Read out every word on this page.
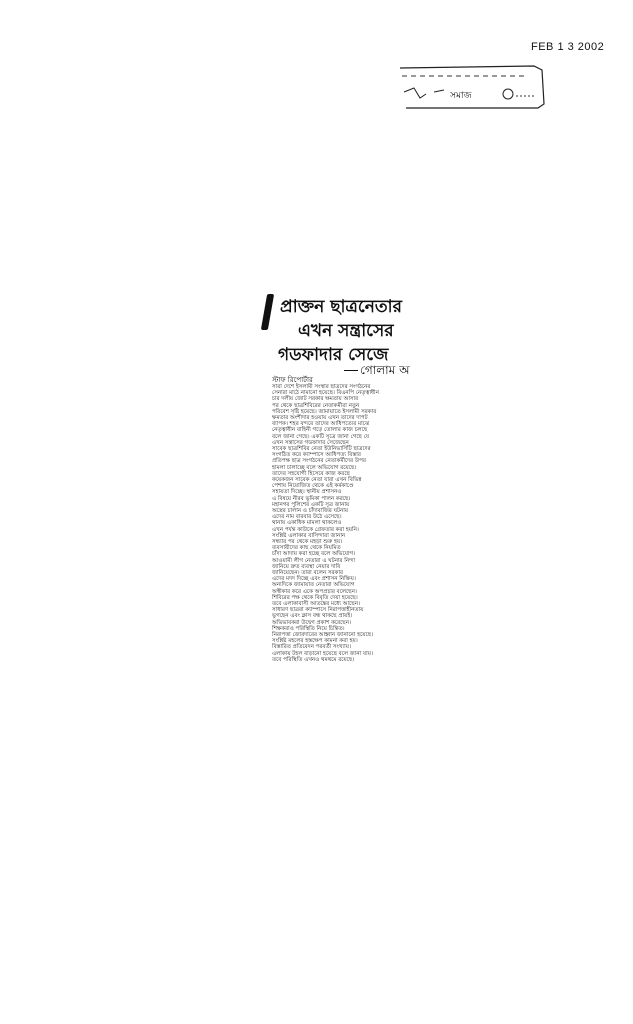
FEB 1 3 2002
সমাজ
প্রাক্তন ছাত্রনেতার
এখন সন্ত্রাসের
গডফাদার সেজে
গোলাম অ
স্টাফ রিপোর্টার
সারা দেশে ইসলামী সংস্থার ছাত্রদের সংগঠনের
সেনারা মাঠে নামানো হয়েছে। বিএনপি নেতৃত্বাধীন
চার দলীয় জোট সরকার ক্ষমতায় আসার
পর থেকে ছাত্রশিবিরের নেতাকর্মীরা নতুন
পরিবেশ সৃষ্টি হয়েছে। জামায়াতে ইসলামী সরকার
ক্ষমতার অংশীদার হওয়ায় এখন তাদের দাপট
ব্যাপক। শহর বন্দরে তাদের আধিপত্যের মাঝে
নেতৃত্বাধীন বাহিনী গড়ে তোলার কাজ চলছে
বলে জানা গেছে। একটি সূত্রে জানা গেছে যে
এখন সন্ত্রাসের গডফাদার সেজেছেন
সাবেক ছাত্রশিবির নেতা ইউনিভার্সিটি ছাত্রদের
সংগঠিত করে ক্যাম্পাসে আধিপত্য বিস্তার
প্রতিপক্ষ ছাত্র সংগঠনের নেতাকর্মীদের উপর
হামলা চালাচ্ছে বলে অভিযোগ রয়েছে।
তাদের সহযোগী হিসেবে কাজ করছে
কয়েকজন সাবেক নেতা যারা এখন বিভিন্ন
পেশায় নিয়োজিত থেকে এই কর্মকাণ্ডে
সহায়তা দিচ্ছে। স্থানীয় প্রশাসনও
এ বিষয়ে নীরব ভূমিকা পালন করছে।
মহানগর পুলিশের একটি সূত্র জানায়
অস্ত্রের চালান ও চাঁদাবাজির ঘটনায়
এদের নাম বারবার উঠে এসেছে।
থানায় একাধিক মামলা থাকলেও
এখন পর্যন্ত কাউকে গ্রেফতার করা হয়নি।
সংশ্লিষ্ট এলাকার বাসিন্দারা জানান
সন্ধ্যার পর থেকে মহড়া শুরু হয়।
ব্যবসায়ীদের কাছ থেকে নিয়মিত
চাঁদা আদায় করা হচ্ছে বলে অভিযোগ।
আওয়ামী লীগ নেতারা এ ঘটনার নিন্দা
জানিয়ে দ্রুত ব্যবস্থা নেয়ার দাবি
জানিয়েছেন। তারা বলেন সরকার
এদের মদদ দিচ্ছে এবং প্রশাসন নিষ্ক্রিয়।
অন্যদিকে জামায়াত নেতারা অভিযোগ
অস্বীকার করে একে অপপ্রচার বলেছেন।
শিবিরের পক্ষ থেকে বিবৃতি দেয়া হয়েছে।
তবে এলাকাবাসী আতঙ্কের মধ্যে আছেন।
সাধারণ ছাত্ররা ক্যাম্পাসে নিরাপত্তাহীনতায়
ভুগছেন এবং ক্লাস বন্ধ থাকছে প্রায়ই।
অভিভাবকরা উদ্বেগ প্রকাশ করেছেন।
শিক্ষকরাও পরিস্থিতি নিয়ে চিন্তিত।
নিরাপত্তা জোরদারের আহ্বান জানানো হয়েছে।
সংশ্লিষ্ট মহলের হস্তক্ষেপ কামনা করা হয়।
বিস্তারিত প্রতিবেদন পরবর্তী সংখ্যায়।
এলাকায় টহল বাড়ানো হয়েছে বলে জানা যায়।
তবে পরিস্থিতি এখনও থমথমে রয়েছে।
